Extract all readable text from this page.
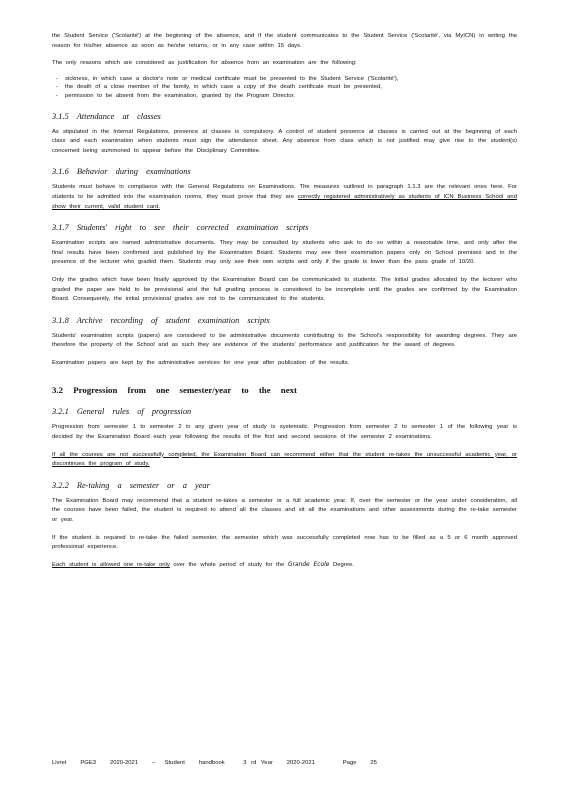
the Student Service ('Scolarité') at the beginning of the absence, and if the student communicates to the Student Service ('Scolarité', via MyICN) in writing the reason for his/her absence as soon as he/she returns, or in any case within 15 days.

The only reasons which are considered as justification for absence from an examination are the following:

- sickness, in which case a doctor's note or medical certificate must be presented to the Student Service ('Scolarité'),
- the death of a close member of the family, in which case a copy of the death certificate must be presented,
- permission to be absent from the examination, granted by the Program Director.
3.1.5 Attendance at classes

As stipulated in the Internal Regulations, presence at classes is compulsory. A control of student presence at classes is carried out at the beginning of each class and each examination when students must sign the attendance sheet. Any absence from class which is not justified may give rise to the student(s) concerned being summoned to appear before the Disciplinary Committee.

3.1.6 Behavior during examinations

Students must behave in compliance with the General Regulations on Examinations. The measures outlined in paragraph 1.1.3 are the relevant ones here. For students to be admitted into the examination rooms, they must prove that they are correctly registered administratively as students of ICN Business School and show their current, valid student card.

3.1.7 Students' right to see their corrected examination scripts

Examination scripts are named administrative documents. They may be consulted by students who ask to do so within a reasonable time, and only after the final results have been confirmed and published by the Examination Board. Students may see their examination papers only on School premises and in the presence of the lecturer who graded them. Students may only see their own scripts and only if the grade is lower than the pass grade of 10/20.

Only the grades which have been finally approved by the Examination Board can be communicated to students. The initial grades allocated by the lecturer who graded the paper are held to be provisional and the full grading process is considered to be incomplete until the grades are confirmed by the Examination Board. Consequently, the initial provisional grades are not to be communicated to the students.

3.1.8 Archive recording of student examination scripts

Students' examination scripts (papers) are considered to be administrative documents contributing to the School's responsibility for awarding degrees. They are therefore the property of the School and as such they are evidence of the students' performance and justification for the award of degrees.

Examination papers are kept by the administrative services for one year after publication of the results.

3.2 Progression from one semester/year to the next
3.2.1 General rules of progression

Progression from semester 1 to semester 2 in any given year of study is systematic. Progression from semester 2 to semester 1 of the following year is decided by the Examination Board each year following the results of the first and second sessions of the semester 2 examinations.

If all the courses are not successfully completed, the Examination Board can recommend either that the student re-takes the unsuccessful academic year, or discontinues the program of study.

3.2.2 Re-taking a semester or a year

The Examination Board may recommend that a student re-takes a semester or a full academic year. If, over the semester or the year under consideration, all the courses have been failed, the student is required to attend all the classes and sit all the examinations and other assessments during the re-take semester or year.

If the student is required to re-take the failed semester, the semester which was successfully completed now has to be filled as a 5 or 6 month approved professional experience.

Each student is allowed one re-take only over the whole period of study for the Grande Ecole Degree.

Livret   PGE3   2020-2021 –  Student   handbook    3 rd Year   2020-2021	Page   25
